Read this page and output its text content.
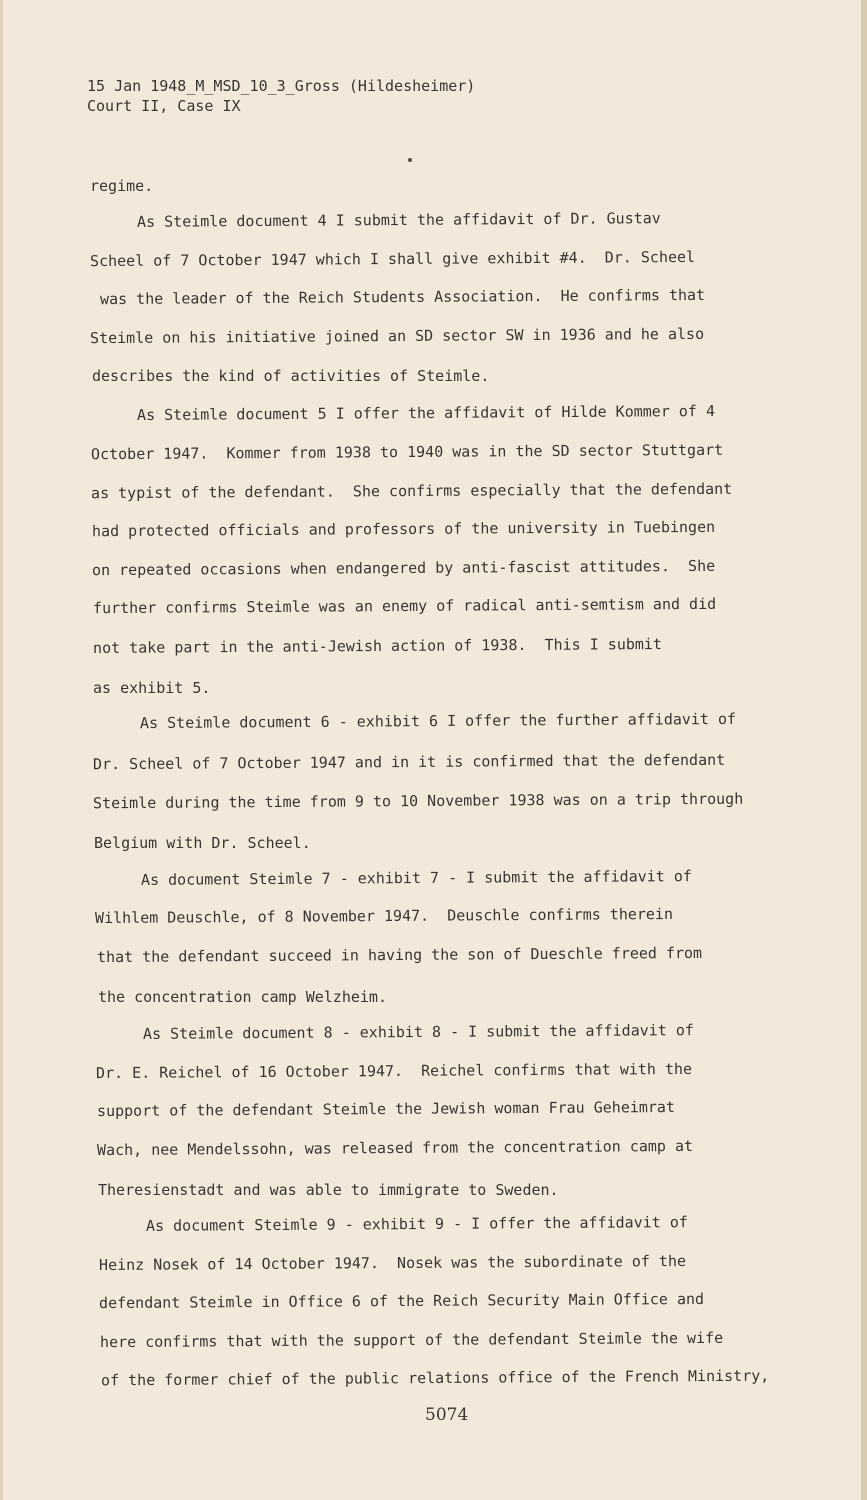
15 Jan 1948_M_MSD_10_3_Gross (Hildesheimer)
Court II, Case IX
regime.
As Steimle document 4 I submit the affidavit of Dr. Gustav
Scheel of 7 October 1947 which I shall give exhibit #4.  Dr. Scheel
was the leader of the Reich Students Association.  He confirms that
Steimle on his initiative joined an SD sector SW in 1936 and he also
describes the kind of activities of Steimle.
As Steimle document 5 I offer the affidavit of Hilde Kommer of 4
October 1947.  Kommer from 1938 to 1940 was in the SD sector Stuttgart
as typist of the defendant.  She confirms especially that the defendant
had protected officials and professors of the university in Tuebingen
on repeated occasions when endangered by anti-fascist attitudes.  She
further confirms Steimle was an enemy of radical anti-semtism and did
not take part in the anti-Jewish action of 1938.  This I submit
as exhibit 5.
As Steimle document 6 - exhibit 6 I offer the further affidavit of
Dr. Scheel of 7 October 1947 and in it is confirmed that the defendant
Steimle during the time from 9 to 10 November 1938 was on a trip through
Belgium with Dr. Scheel.
As document Steimle 7 - exhibit 7 - I submit the affidavit of
Wilhlem Deuschle, of 8 November 1947.  Deuschle confirms therein
that the defendant succeed in having the son of Dueschle freed from
the concentration camp Welzheim.
As Steimle document 8 - exhibit 8 - I submit the affidavit of
Dr. E. Reichel of 16 October 1947.  Reichel confirms that with the
support of the defendant Steimle the Jewish woman Frau Geheimrat
Wach, nee Mendelssohn, was released from the concentration camp at
Theresienstadt and was able to immigrate to Sweden.
As document Steimle 9 - exhibit 9 - I offer the affidavit of
Heinz Nosek of 14 October 1947.  Nosek was the subordinate of the
defendant Steimle in Office 6 of the Reich Security Main Office and
here confirms that with the support of the defendant Steimle the wife
of the former chief of the public relations office of the French Ministry,
5074
